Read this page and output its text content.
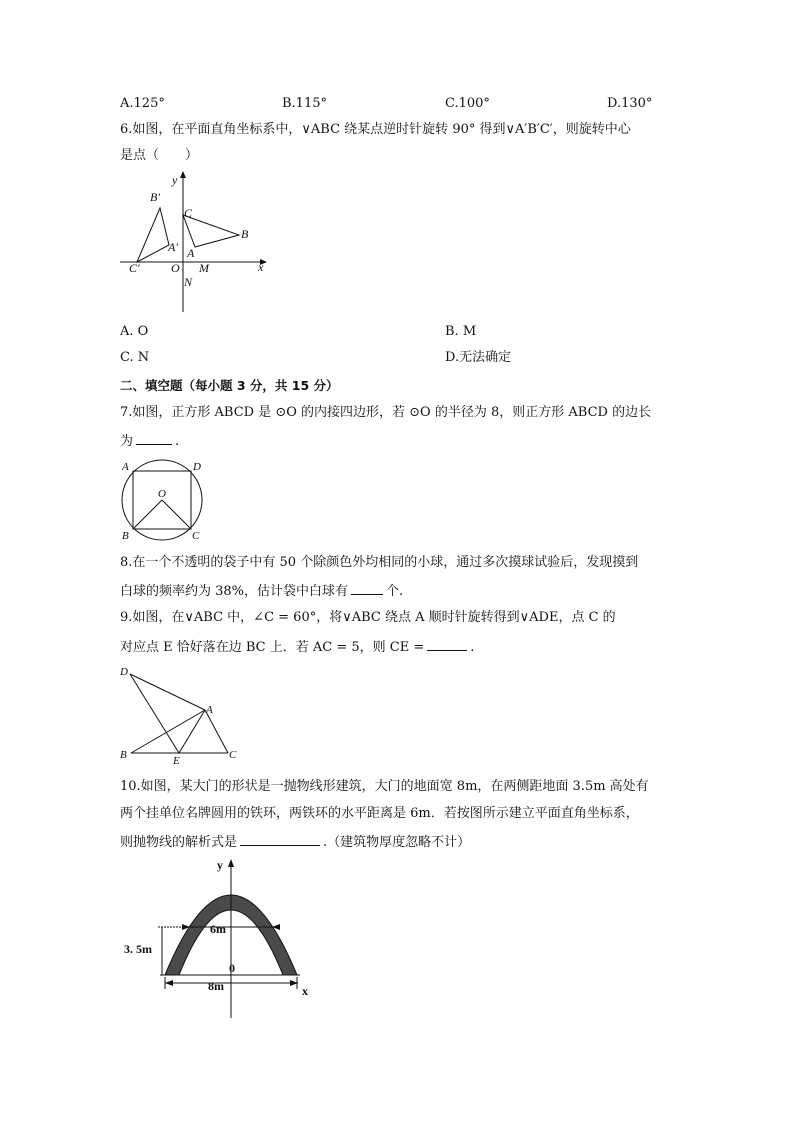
A.125°	B.115°	C.100°	D.130°
6.如图，在平面直角坐标系中，∨ABC 绕某点逆时针旋转 90° 得到∨A′B′C′，则旋转中心
是点（　　）
y
x
B′
C
B
A′ A
C′	O M
N
A. O	B. M
C. N	D.无法确定
二、填空题（每小题 3 分，共 15 分）
7.如图，正方形 ABCD 是 ⊙O 的内接四边形，若 ⊙O 的半径为 8，则正方形 ABCD 的边长
为	.
A	D
O
B	C
8.在一个不透明的袋子中有 50 个除颜色外均相同的小球，通过多次摸球试验后，发现摸到
白球的频率约为 38%，估计袋中白球有	个.
9.如图，在∨ABC 中，∠C = 60°，将∨ABC 绕点 A 顺时针旋转得到∨ADE，点 C 的
对应点 E 恰好落在边 BC 上．若 AC = 5，则 CE =	.
D
A
B	E	C
10.如图，某大门的形状是一抛物线形建筑，大门的地面宽 8m，在两侧距地面 3.5m 高处有
两个挂单位名牌圆用的铁环，两铁环的水平距离是 6m．若按图所示建立平面直角坐标系，
则抛物线的解析式是	.（建筑物厚度忽略不计）
y
x
6m
3. 5m
0
8m
